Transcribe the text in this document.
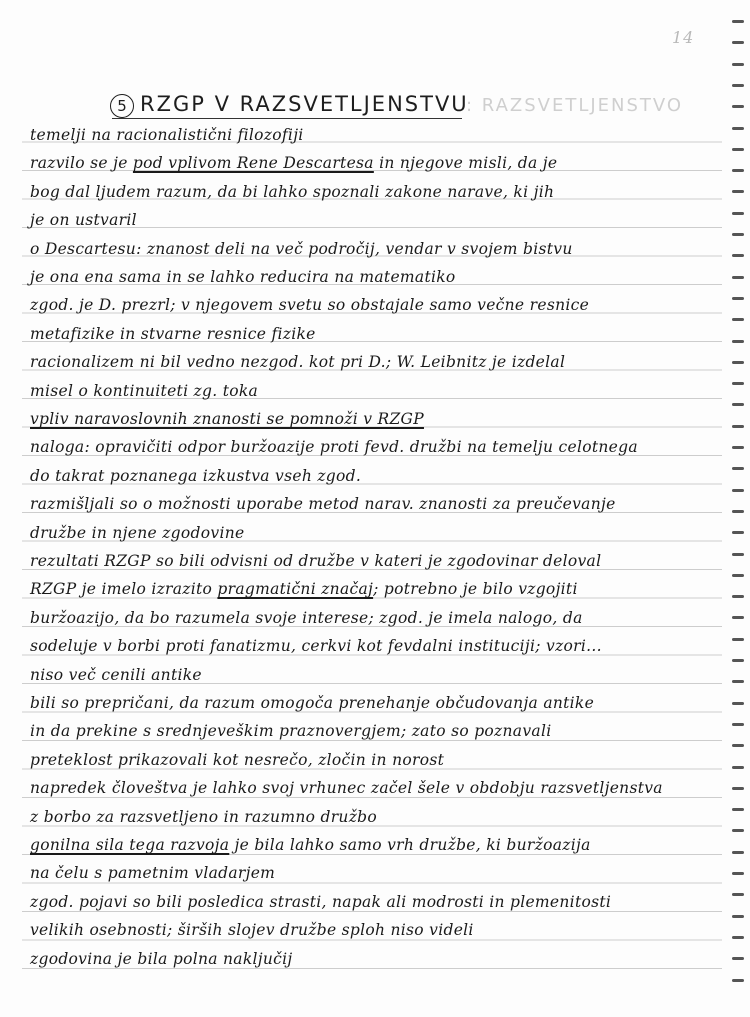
14
5 RZGP V RAZSVETLJENSTVU
: RAZSVETLJENSTVO
temelji na racionalistični filozofiji
razvilo se je pod vplivom Rene Descartesa in njegove misli, da je
bog dal ljudem razum, da bi lahko spoznali zakone narave, ki jih
je on ustvaril
o Descartesu: znanost deli na več področij, vendar v svojem bistvu
je ona ena sama in se lahko reducira na matematiko
zgod. je D. prezrl; v njegovem svetu so obstajale samo večne resnice
metafizike in stvarne resnice fizike
racionalizem ni bil vedno nezgod. kot pri D.; W. Leibnitz je izdelal
misel o kontinuiteti zg. toka
vpliv naravoslovnih znanosti se pomnoži v RZGP
naloga: opravičiti odpor buržoazije proti fevd. družbi na temelju celotnega
do takrat poznanega izkustva vseh zgod.
razmišljali so o možnosti uporabe metod narav. znanosti za preučevanje
družbe in njene zgodovine
rezultati RZGP so bili odvisni od družbe v kateri je zgodovinar deloval
RZGP je imelo izrazito pragmatični značaj; potrebno je bilo vzgojiti
buržoazijo, da bo razumela svoje interese; zgod. je imela nalogo, da
sodeluje v borbi proti fanatizmu, cerkvi kot fevdalni instituciji; vzori...
niso več cenili antike
bili so prepričani, da razum omogoča prenehanje občudovanja antike
in da prekine s srednjeveškim praznovergjem; zato so poznavali
preteklost prikazovali kot nesrečo, zločin in norost
napredek človeštva je lahko svoj vrhunec začel šele v obdobju razsvetljenstva
z borbo za razsvetljeno in razumno družbo
gonilna sila tega razvoja je bila lahko samo vrh družbe, ki buržoazija
na čelu s pametnim vladarjem
zgod. pojavi so bili posledica strasti, napak ali modrosti in plemenitosti
velikih osebnosti; širših slojev družbe sploh niso videli
zgodovina je bila polna naključij
